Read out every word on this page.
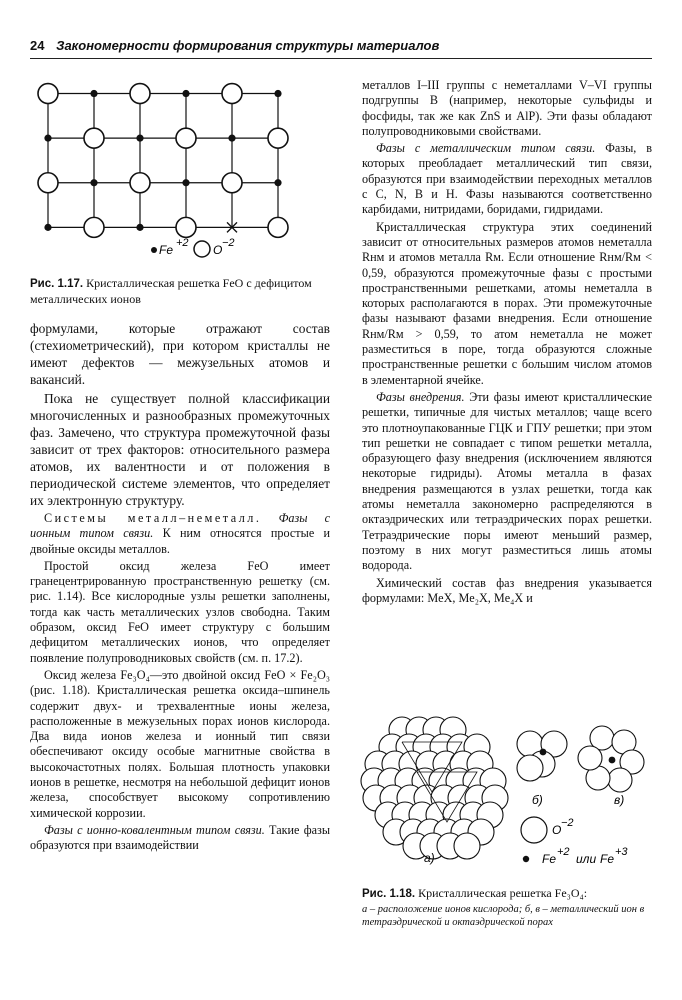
24 Закономерности формирования структуры материалов
Fe +2 O −2
Рис. 1.17. Кристаллическая решетка FeO с дефицитом металлических ионов

формулами, которые отражают состав (стехиометрический), при котором кристаллы не имеют дефектов — межузельных атомов и вакансий.

Пока не существует полной классификации многочисленных и разнообразных промежуточных фаз. Замечено, что структура промежуточной фазы зависит от трех факторов: относительного размера атомов, их валентности и от положения в периодической системе элементов, что определяет их электронную структуру.

Системы металл–неметалл. Фазы с ионным типом связи. К ним относятся простые и двойные оксиды металлов.

Простой оксид железа FeO имеет гранецентрированную пространственную решетку (см. рис. 1.14). Все кислородные узлы решетки заполнены, тогда как часть металлических узлов свободна. Таким образом, оксид FeO имеет структуру с большим дефицитом металлических ионов, что определяет появление полупроводниковых свойств (см. п. 17.2).

Оксид железа Fe₃O₄—это двойной оксид FeO × Fe₂O₃ (рис. 1.18). Кристаллическая решетка оксида–шпинель содержит двух- и трехвалентные ионы железа, расположенные в межузельных порах ионов кислорода. Два вида ионов железа и ионный тип связи обеспечивают оксиду особые магнитные свойства в высокочастотных полях. Большая плотность упаковки ионов в решетке, несмотря на небольшой дефицит ионов железа, способствует высокому сопротивлению химической коррозии.

Фазы с ионно-ковалентным типом связи. Такие фазы образуются при взаимодействии

металлов I–III группы с неметаллами V–VI группы подгруппы В (например, некоторые сульфиды и фосфиды, так же как ZnS и AlP). Эти фазы обладают полупроводниковыми свойствами.

Фазы с металлическим типом связи. Фазы, в которых преобладает металлический тип связи, образуются при взаимодействии переходных металлов с C, N, B и H. Фазы называются соответственно карбидами, нитридами, боридами, гидридами.

Кристаллическая структура этих соединений зависит от относительных размеров атомов неметалла Rнм и атомов металла Rм. Если отношение Rнм/Rм < 0,59, образуются промежуточные фазы с простыми пространственными решетками, атомы неметалла в которых располагаются в порах. Эти промежуточные фазы называют фазами внедрения. Если отношение Rнм/Rм > 0,59, то атом неметалла не может разместиться в поре, тогда образуются сложные пространственные решетки с большим числом атомов в элементарной ячейке.

Фазы внедрения. Эти фазы имеют кристаллические решетки, типичные для чистых металлов; чаще всего это плотноупакованные ГЦК и ГПУ решетки; при этом тип решетки не совпадает с типом решетки металла, образующего фазу внедрения (исключением являются некоторые гидриды). Атомы металла в фазах внедрения размещаются в узлах решетки, тогда как атомы неметалла закономерно распределяются в октаэдрических или тетраэдрических порах решетки. Тетраэдрические поры имеют меньший размер, поэтому в них могут разместиться лишь атомы водорода.

Химический состав фаз внедрения указывается формулами: MeX, Me₂X, Me₄X и

а)
б)	в)
O −2
Fe +2 или Fe +3
Рис. 1.18. Кристаллическая решетка Fe₃O₄:
а – расположение ионов кислорода; б, в – металлический ион в тетраэдрической и октаэдрической порах
